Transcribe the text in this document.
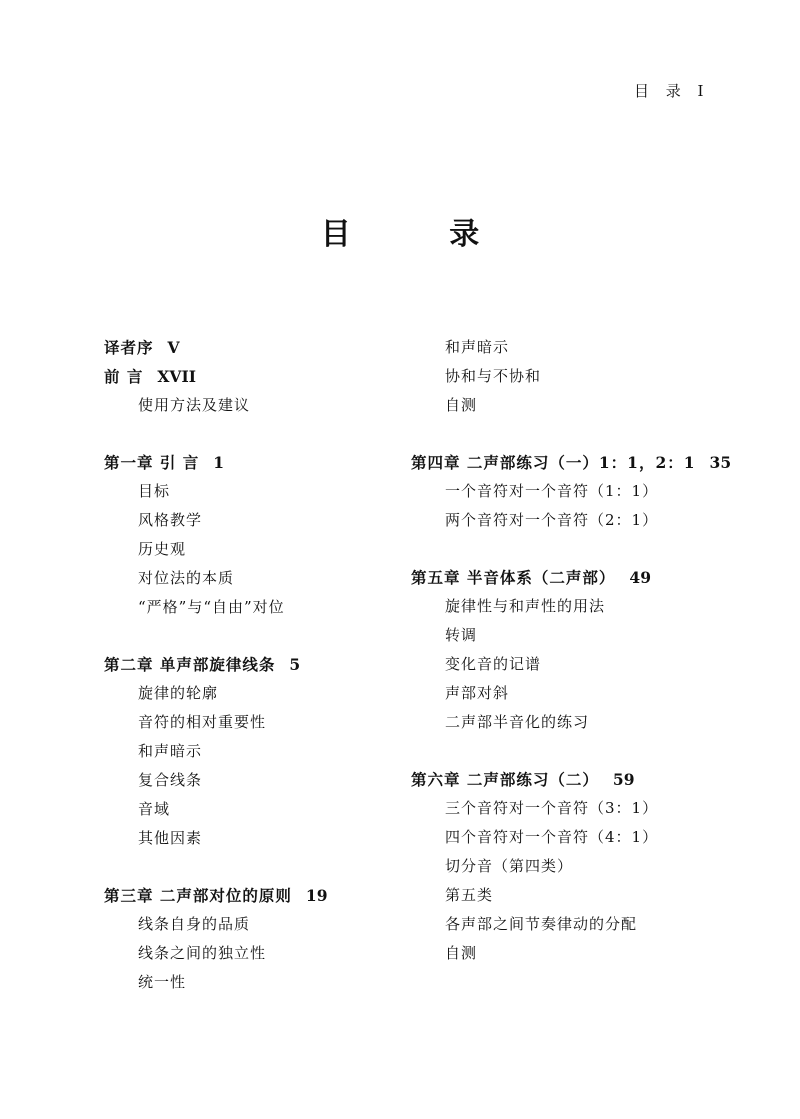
目 录 I
目 录
译者序 V
前 言 XVII
使用方法及建议
第一章 引 言 1
目标
风格教学
历史观
对位法的本质
“严格”与“自由”对位
第二章 单声部旋律线条 5
旋律的轮廓
音符的相对重要性
和声暗示
复合线条
音域
其他因素
第三章 二声部对位的原则 19
线条自身的品质
线条之间的独立性
统一性
和声暗示
协和与不协和
自测
第四章 二声部练习（一）1：1，2：1 35
一个音符对一个音符（1：1）
两个音符对一个音符（2：1）
第五章 半音体系（二声部） 49
旋律性与和声性的用法
转调
变化音的记谱
声部对斜
二声部半音化的练习
第六章 二声部练习（二） 59
三个音符对一个音符（3：1）
四个音符对一个音符（4：1）
切分音（第四类）
第五类
各声部之间节奏律动的分配
自测
